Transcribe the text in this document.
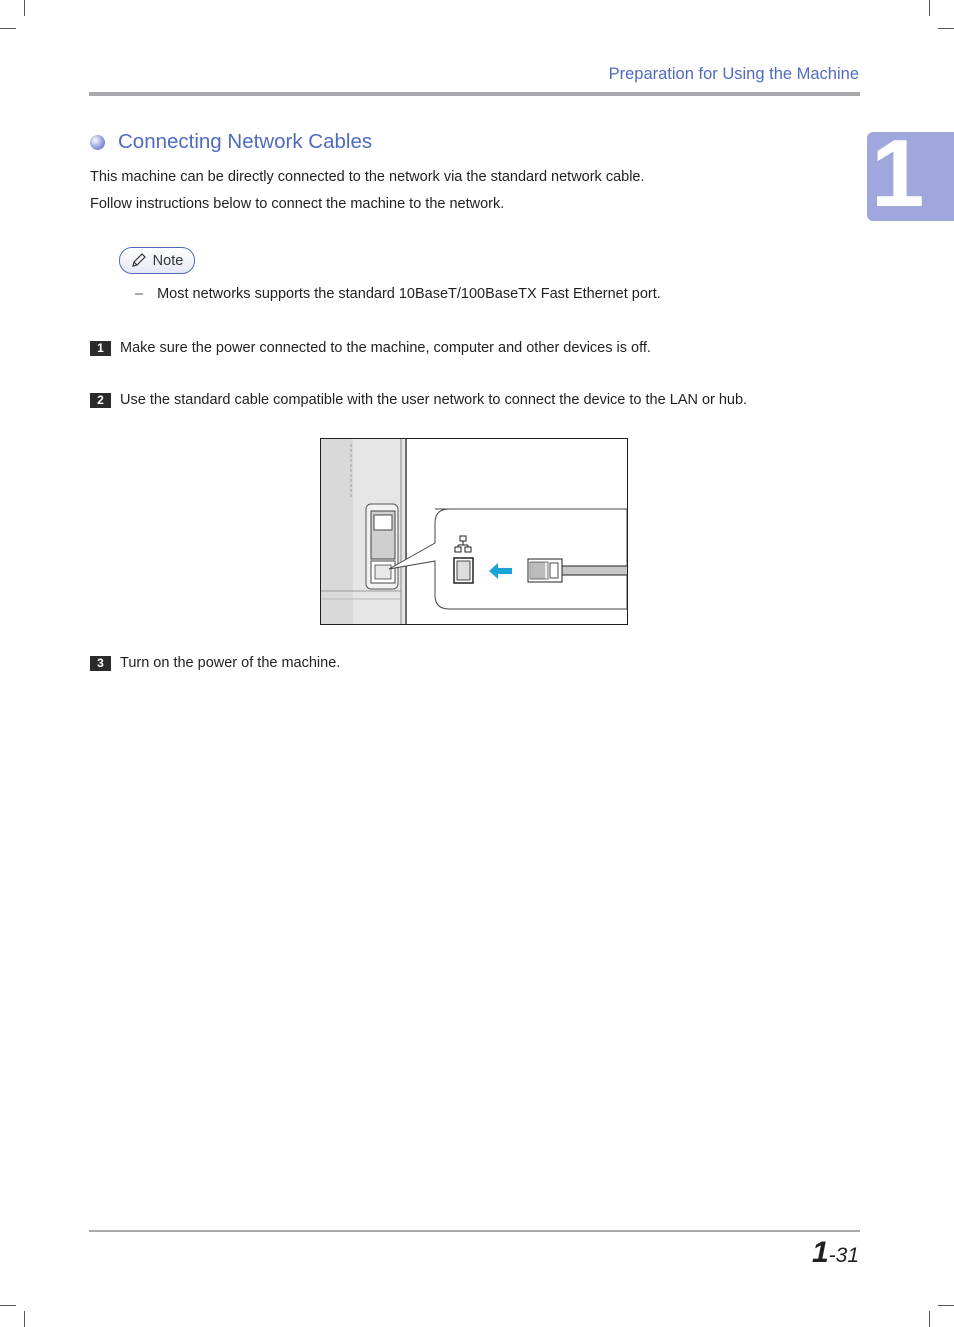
Preparation for Using the Machine
1
Connecting Network Cables

This machine can be directly connected to the network via the standard network cable.

Follow instructions below to connect the machine to the network.

Note
– Most networks supports the standard 10BaseT/100BaseTX Fast Ethernet port.
1	Make sure the power connected to the machine, computer and other devices is off.
2	Use the standard cable compatible with the user network to connect the device to the LAN or hub.
3	Turn on the power of the machine.
1-31
